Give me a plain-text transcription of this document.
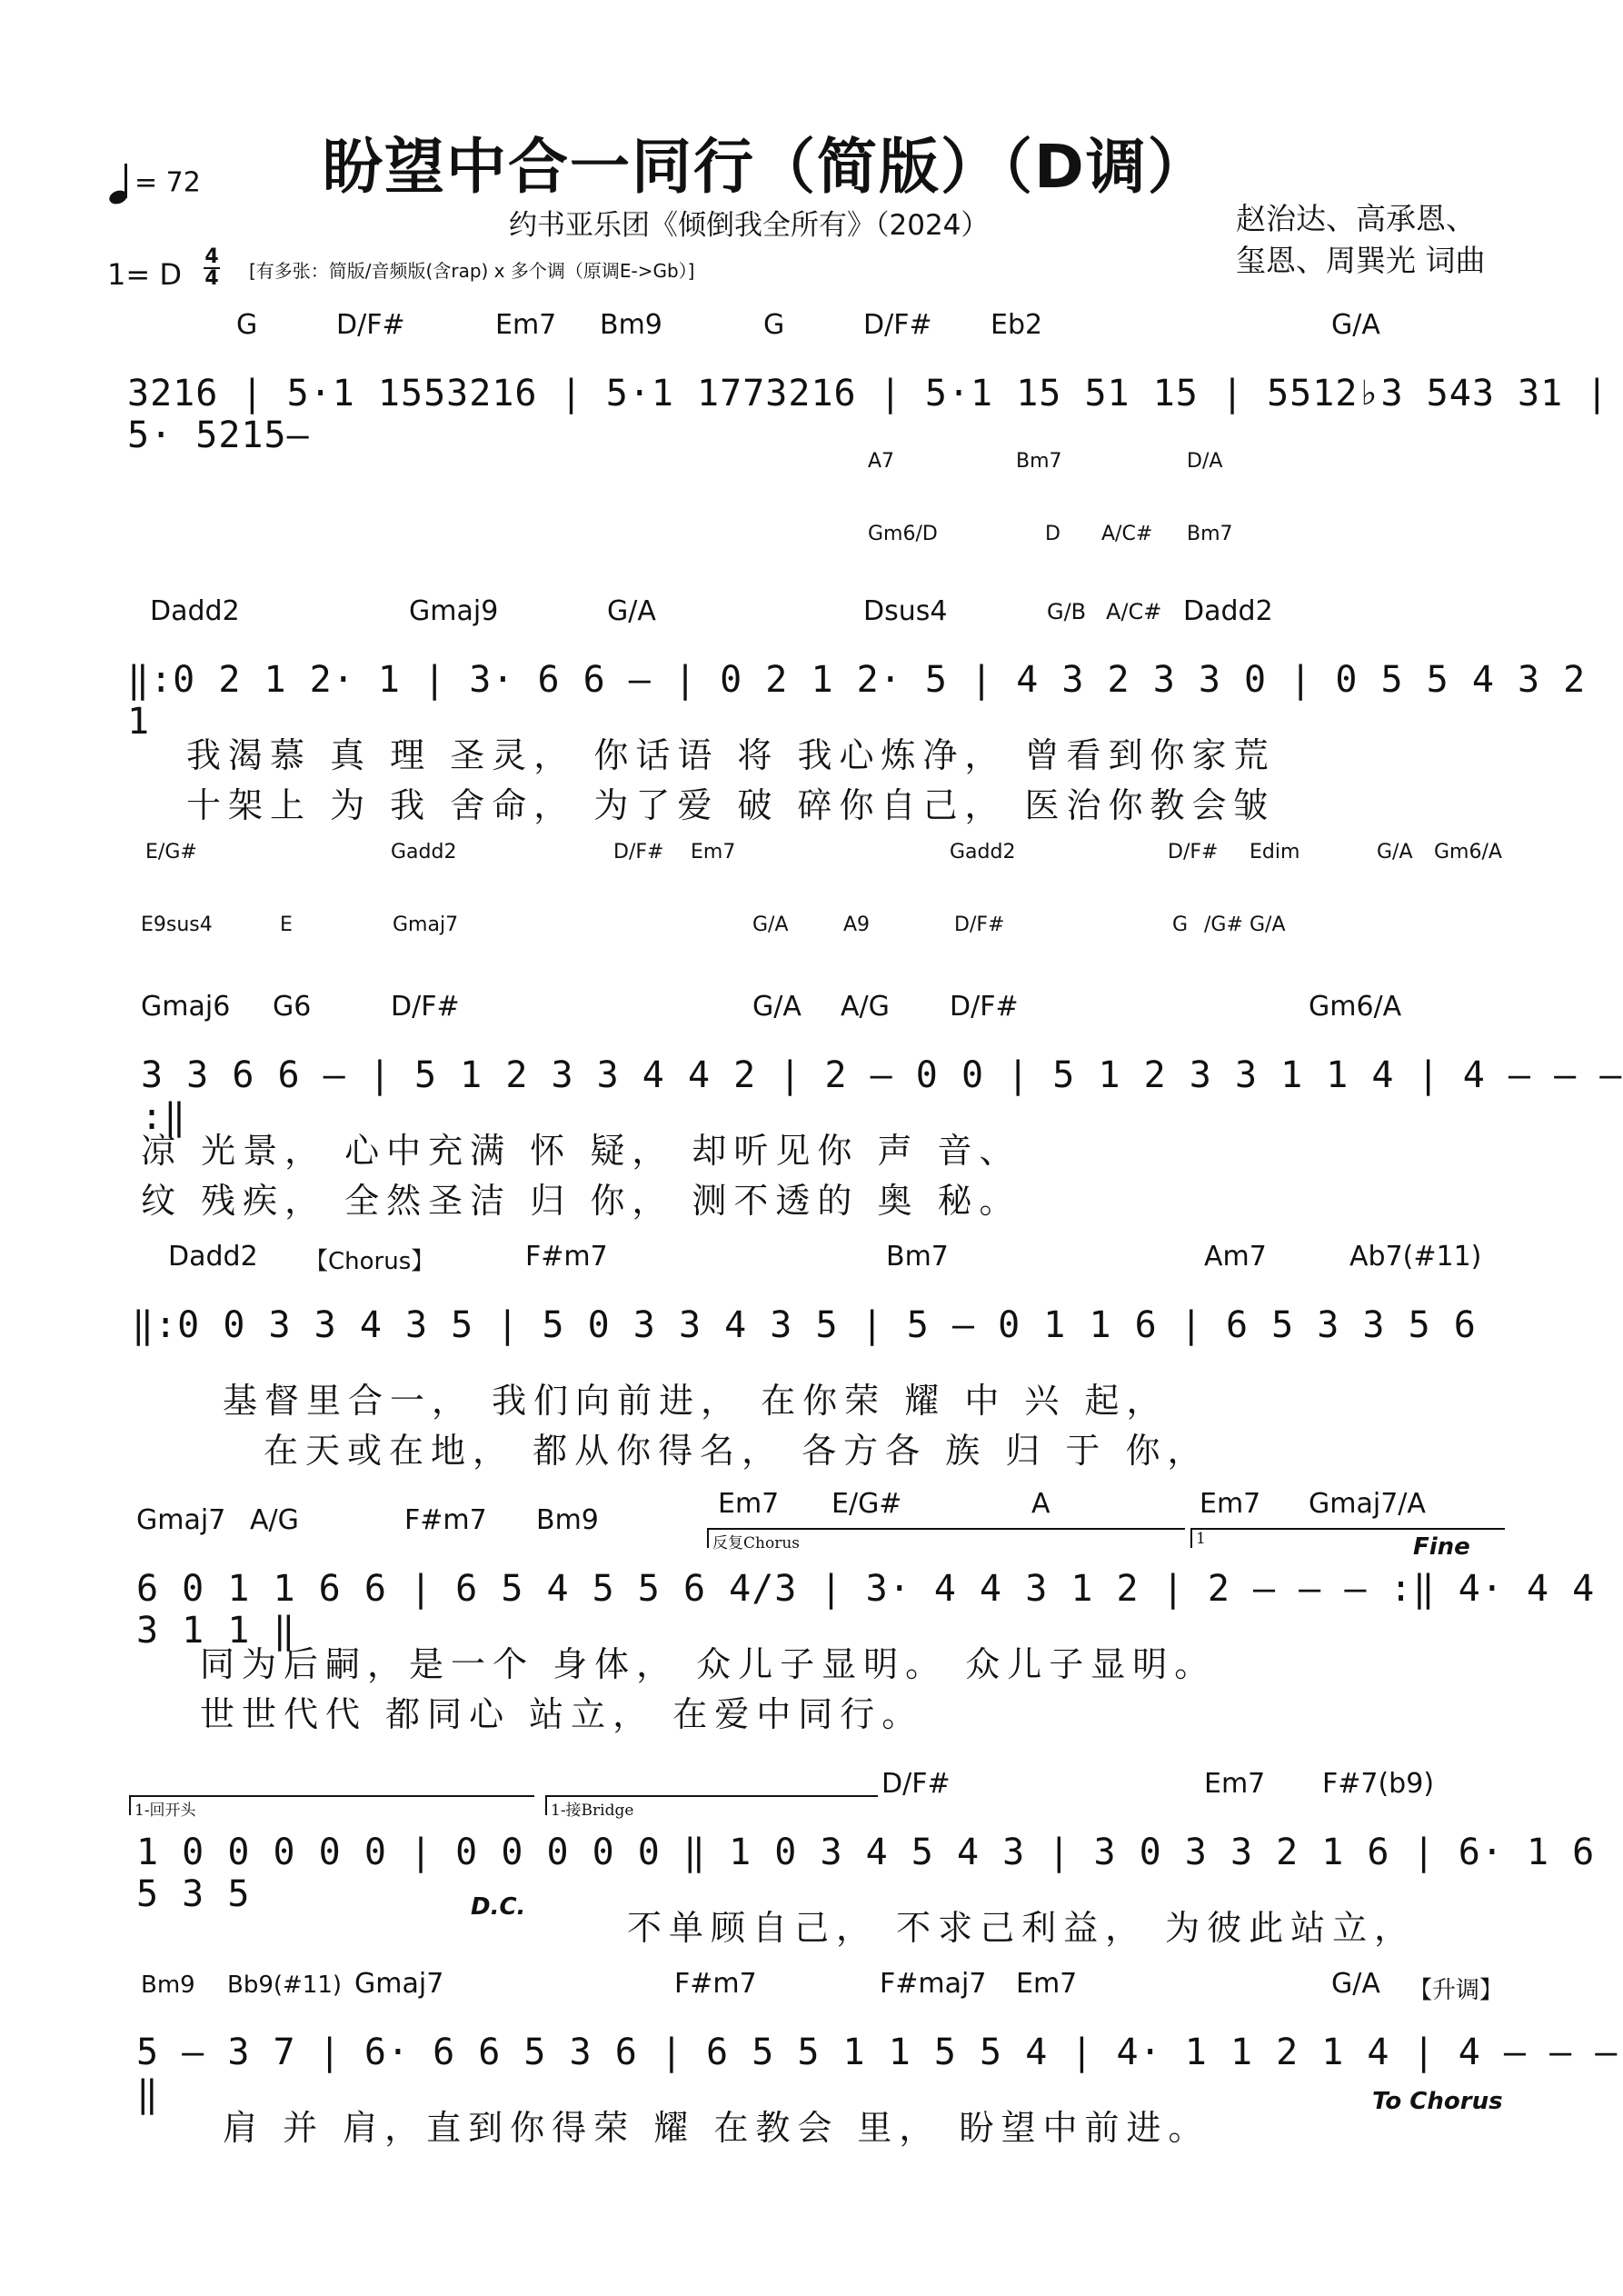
盼望中合一同行（简版）（D调）
约书亚乐团《倾倒我全所有》（2024）	赵治达、高承恩、
玺恩、周巽光 词曲
= 72
1= D
4
4 [有多张：简版/音频版(含rap) x 多个调（原调E->Gb）]
G	D/F#	Em7 Bm9	G	D/F# Eb2	G/A
3216 | 5·1 1553216 | 5·1 1773216 | 5·1 15 51 15 | 5512♭3 543 31 | 5· 5215–
A7	Bm7	D/A
Gm6/D	D A/C# Bm7
Dadd2	Gmaj9	G/A	Dsus4	G/B A/C# Dadd2
‖:0 2 1 2· 1 | 3· 6 6 – | 0 2 1 2· 5 | 4 3 2 3 3 0 | 0 5 5 4 3 2 1
我渴慕 真 理 圣灵， 你话语 将 我心炼净， 曾看到你家荒
十架上 为 我 舍命， 为了爱 破 碎你自己， 医治你教会皱
E/G#	Gadd2	D/F# Em7	Gadd2	D/F# Edim	G/A Gm6/A
E9sus4	E	Gmaj7	G/A	A9	D/F#	G /G# G/A
Gmaj6 G6	D/F#	G/A A/G D/F#	Gm6/A
3 3 6 6 – | 5 1 2 3 3 4 4 2 | 2 – 0 0 | 5 1 2 3 3 1 1 4 | 4 – – – :‖
凉 光景， 心中充满 怀 疑， 却听见你 声 音、
纹 残疾， 全然圣洁 归 你， 测不透的 奥 秘。
Dadd2	F#m7	Bm7	Am7	Ab7(#11)
【Chorus】
‖:0 0 3 3 4 3 5 | 5 0 3 3 4 3 5 | 5 – 0 1 1 6 | 6 5 3 3 5 6
基督里合一， 我们向前进， 在你荣 耀 中 兴 起，
在天或在地， 都从你得名， 各方各 族 归 于 你，
Gmaj7 A/G	F#m7 Bm9
Em7 E/G#	A	Em7 Gmaj7/A
反复Chorus	1	Fine
6 0 1 1 6 6 | 6 5 4 5 5 6 4/3 | 3· 4 4 3 1 2 | 2 – – – :‖ 4· 4 4 3 1 1 ‖
同为后嗣，是一个 身体， 众儿子显明。 众儿子显明。
世世代代 都同心 站立， 在爱中同行。
D/F#	Em7 F#7(b9)
1-回开头	1-接Bridge
1 0 0 0 0 0 | 0 0 0 0 0 ‖ 1 0 3 4 5 4 3 | 3 0 3 3 2 1 6 | 6· 1 6 5 3 5	D.C.
不单顾自己， 不求己利益， 为彼此站立，
Bm9 Bb9(#11) Gmaj7	F#m7	F#maj7 Em7	G/A 【升调】
5 – 3 7 | 6· 6 6 5 3 6 | 6 5 5 1 1 5 5 4 | 4· 1 1 2 1 4 | 4 – – – ‖	To Chorus
肩 并 肩，直到你得荣 耀 在教会 里， 盼望中前进。
